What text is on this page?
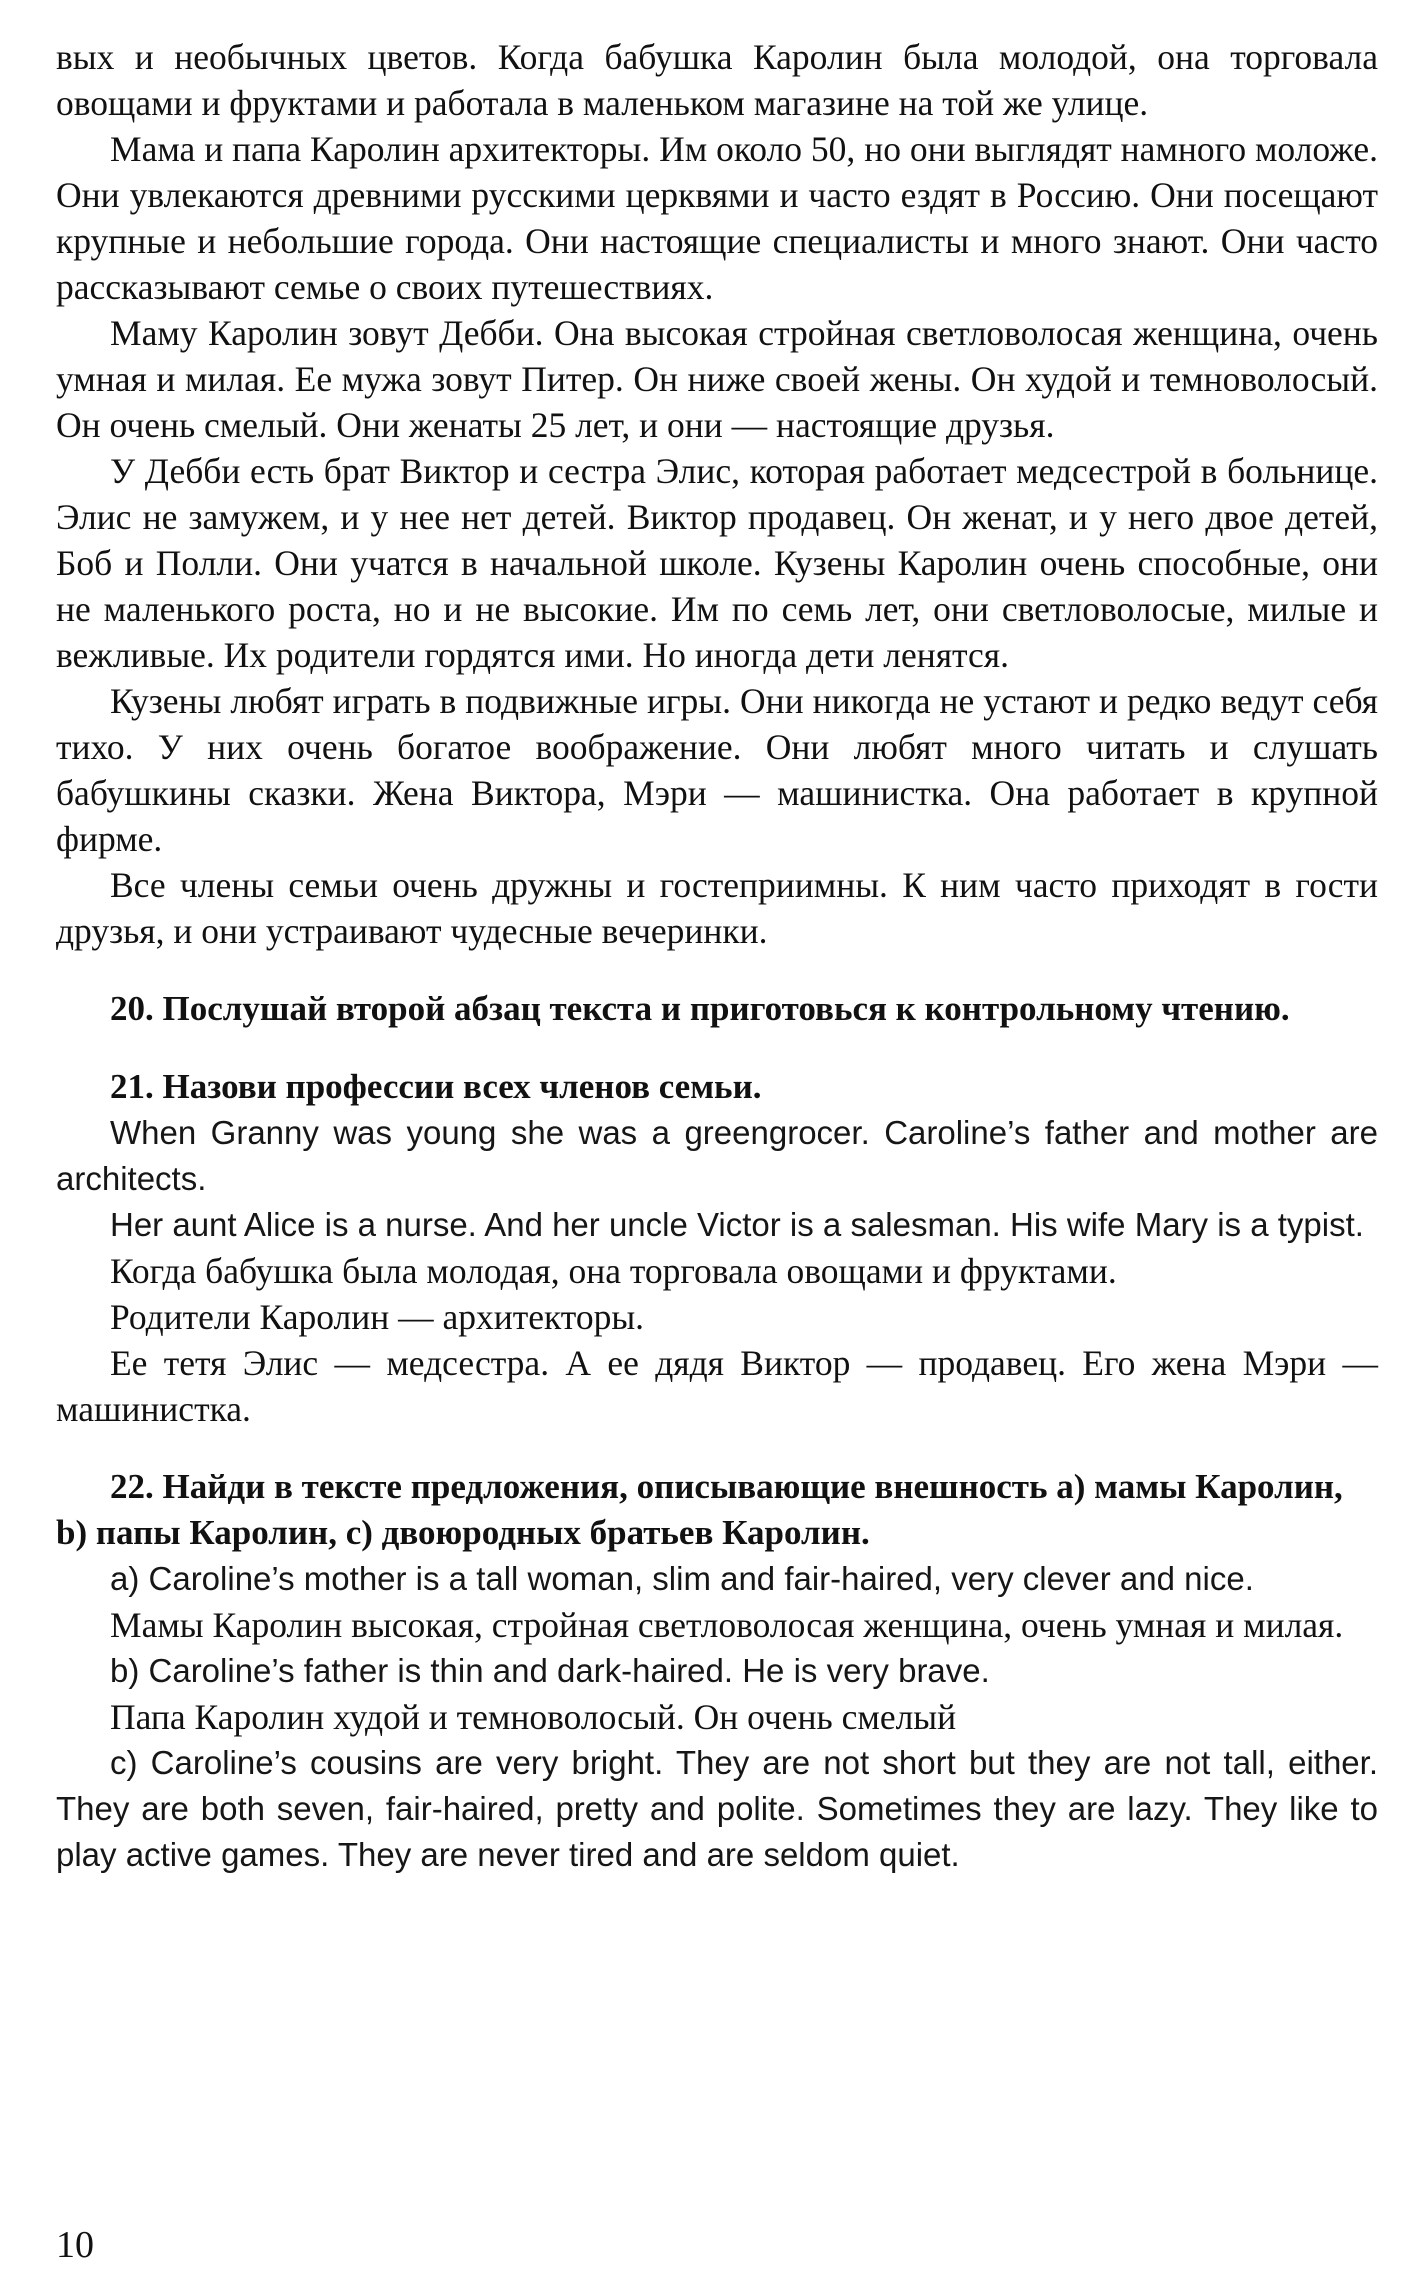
вых и необычных цветов. Когда бабушка Каролин была молодой, она торговала овощами и фруктами и работала в маленьком магазине на той же улице.

Мама и папа Каролин архитекторы. Им около 50, но они выглядят намного моложе. Они увлекаются древними русскими церквями и часто ездят в Россию. Они посещают крупные и небольшие города. Они настоящие специалисты и много знают. Они часто рассказывают семье о своих путешествиях.

Маму Каролин зовут Дебби. Она высокая стройная светловолосая женщина, очень умная и милая. Ее мужа зовут Питер. Он ниже своей жены. Он худой и темноволосый. Он очень смелый. Они женаты 25 лет, и они — настоящие друзья.

У Дебби есть брат Виктор и сестра Элис, которая работает медсестрой в больнице. Элис не замужем, и у нее нет детей. Виктор продавец. Он женат, и у него двое детей, Боб и Полли. Они учатся в начальной школе. Кузены Каролин очень способные, они не маленького роста, но и не высокие. Им по семь лет, они светловолосые, милые и вежливые. Их родители гордятся ими. Но иногда дети ленятся.

Кузены любят играть в подвижные игры. Они никогда не устают и редко ведут себя тихо. У них очень богатое воображение. Они любят много читать и слушать бабушкины сказки. Жена Виктора, Мэри — машинистка. Она работает в крупной фирме.

Все члены семьи очень дружны и гостеприимны. К ним часто приходят в гости друзья, и они устраивают чудесные вечеринки.

20. Послушай второй абзац текста и приготовься к контрольному чтению.

21. Назови профессии всех членов семьи.

When Granny was young she was a greengrocer. Caroline’s father and mother are architects.

Her aunt Alice is a nurse. And her uncle Victor is a salesman. His wife Mary is a typist.

Когда бабушка была молодая, она торговала овощами и фруктами.

Родители Каролин — архитекторы.

Ее тетя Элис — медсестра. А ее дядя Виктор — продавец. Его жена Мэри — машинистка.

22. Найди в тексте предложения, описывающие внешность a) мамы Каролин, b) папы Каролин, c) двоюродных братьев Каролин.

a) Caroline’s mother is a tall woman, slim and fair-haired, very clever and nice.

Мамы Каролин высокая, стройная светловолосая женщина, очень умная и милая.

b) Caroline’s father is thin and dark-haired. He is very brave.

Папа Каролин худой и темноволосый. Он очень смелый

c) Caroline’s cousins are very bright. They are not short but they are not tall, either. They are both seven, fair-haired, pretty and polite. Sometimes they are lazy. They like to play active games. They are never tired and are seldom quiet.

10
